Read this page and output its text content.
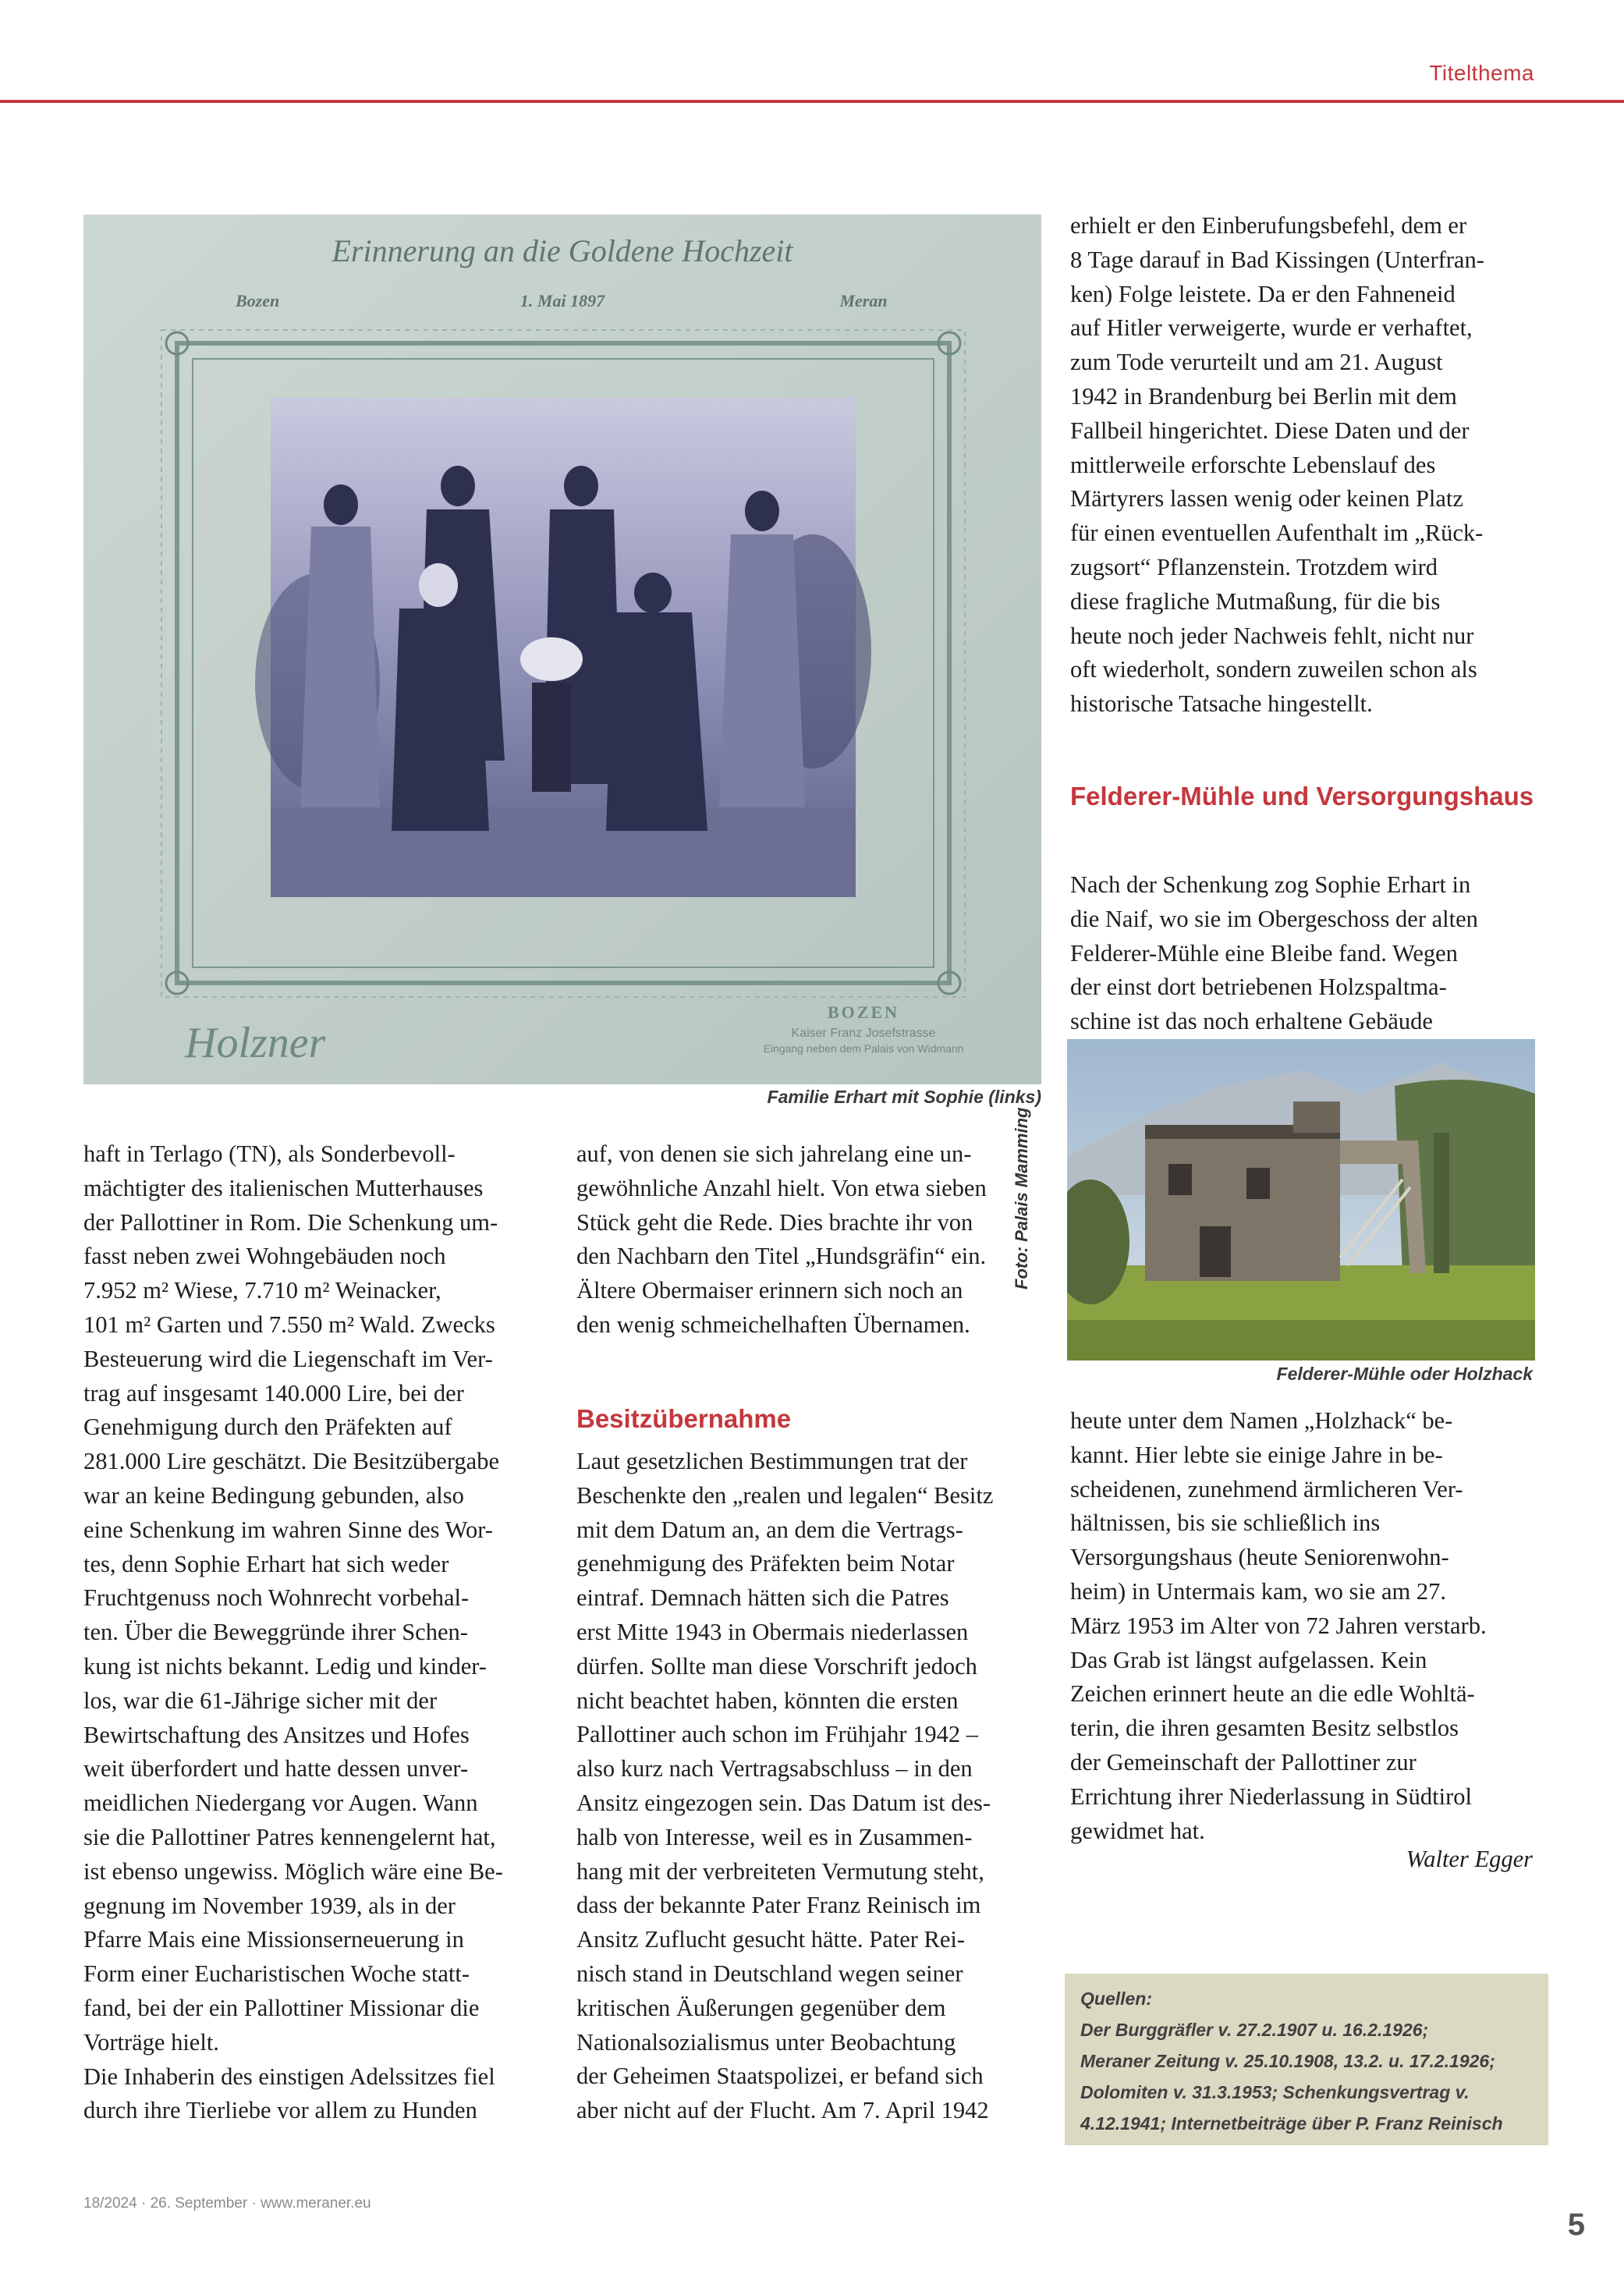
Titelthema
Erinnerung an die Goldene Hochzeit
Bozen	1. Mai 1897	Meran
Holzner
BOZEN
Kaiser Franz Josefstrasse
Eingang neben dem Palais von Widmann
Foto: Palais Mamming
Familie Erhart mit Sophie (links)

haft in Terlago (TN), als Sonderbevoll-
mächtigter des italienischen Mutterhauses
der Pallottiner in Rom. Die Schenkung um-
fasst neben zwei Wohngebäuden noch
7.952 m² Wiese, 7.710 m² Weinacker,
101 m² Garten und 7.550 m² Wald. Zwecks
Besteuerung wird die Liegenschaft im Ver-
trag auf insgesamt 140.000 Lire, bei der
Genehmigung durch den Präfekten auf
281.000 Lire geschätzt. Die Besitzübergabe
war an keine Bedingung gebunden, also
eine Schenkung im wahren Sinne des Wor-
tes, denn Sophie Erhart hat sich weder
Fruchtgenuss noch Wohnrecht vorbehal-
ten. Über die Beweggründe ihrer Schen-
kung ist nichts bekannt. Ledig und kinder-
los, war die 61-Jährige sicher mit der
Bewirtschaftung des Ansitzes und Hofes
weit überfordert und hatte dessen unver-
meidlichen Niedergang vor Augen. Wann
sie die Pallottiner Patres kennengelernt hat,
ist ebenso ungewiss. Möglich wäre eine Be-
gegnung im November 1939, als in der
Pfarre Mais eine Missionserneuerung in
Form einer Eucharistischen Woche statt-
fand, bei der ein Pallottiner Missionar die
Vorträge hielt.
Die Inhaberin des einstigen Adelssitzes fiel
durch ihre Tierliebe vor allem zu Hunden

auf, von denen sie sich jahrelang eine un-
gewöhnliche Anzahl hielt. Von etwa sieben
Stück geht die Rede. Dies brachte ihr von
den Nachbarn den Titel „Hundsgräfin“ ein.
Ältere Obermaiser erinnern sich noch an
den wenig schmeichelhaften Übernamen.

Besitzübernahme

Laut gesetzlichen Bestimmungen trat der
Beschenkte den „realen und legalen“ Besitz
mit dem Datum an, an dem die Vertrags-
genehmigung des Präfekten beim Notar
eintraf. Demnach hätten sich die Patres
erst Mitte 1943 in Obermais niederlassen
dürfen. Sollte man diese Vorschrift jedoch
nicht beachtet haben, könnten die ersten
Pallottiner auch schon im Frühjahr 1942 –
also kurz nach Vertragsabschluss – in den
Ansitz eingezogen sein. Das Datum ist des-
halb von Interesse, weil es in Zusammen-
hang mit der verbreiteten Vermutung steht,
dass der bekannte Pater Franz Reinisch im
Ansitz Zuflucht gesucht hätte. Pater Rei-
nisch stand in Deutschland wegen seiner
kritischen Äußerungen gegenüber dem
Nationalsozialismus unter Beobachtung
der Geheimen Staatspolizei, er befand sich
aber nicht auf der Flucht. Am 7. April 1942

erhielt er den Einberufungsbefehl, dem er
8 Tage darauf in Bad Kissingen (Unterfran-
ken) Folge leistete. Da er den Fahneneid
auf Hitler verweigerte, wurde er verhaftet,
zum Tode verurteilt und am 21. August
1942 in Brandenburg bei Berlin mit dem
Fallbeil hingerichtet. Diese Daten und der
mittlerweile erforschte Lebenslauf des
Märtyrers lassen wenig oder keinen Platz
für einen eventuellen Aufenthalt im „Rück-
zugsort“ Pflanzenstein. Trotzdem wird
diese fragliche Mutmaßung, für die bis
heute noch jeder Nachweis fehlt, nicht nur
oft wiederholt, sondern zuweilen schon als
historische Tatsache hingestellt.

Felderer-Mühle und Versorgungshaus

Nach der Schenkung zog Sophie Erhart in
die Naif, wo sie im Obergeschoss der alten
Felderer-Mühle eine Bleibe fand. Wegen
der einst dort betriebenen Holzspaltma-
schine ist das noch erhaltene Gebäude

Felderer-Mühle oder Holzhack

heute unter dem Namen „Holzhack“ be-
kannt. Hier lebte sie einige Jahre in be-
scheidenen, zunehmend ärmlicheren Ver-
hältnissen, bis sie schließlich ins
Versorgungshaus (heute Seniorenwohn-
heim) in Untermais kam, wo sie am 27.
März 1953 im Alter von 72 Jahren verstarb.
Das Grab ist längst aufgelassen. Kein
Zeichen erinnert heute an die edle Wohltä-
terin, die ihren gesamten Besitz selbstlos
der Gemeinschaft der Pallottiner zur
Errichtung ihrer Niederlassung in Südtirol
gewidmet hat.

Walter Egger
Quellen:
Der Burggräfler v. 27.2.1907 u. 16.2.1926;
Meraner Zeitung v. 25.10.1908, 13.2. u. 17.2.1926;
Dolomiten v. 31.3.1953; Schenkungsvertrag v.
4.12.1941; Internetbeiträge über P. Franz Reinisch
18/2024 · 26. September · www.meraner.eu
5
